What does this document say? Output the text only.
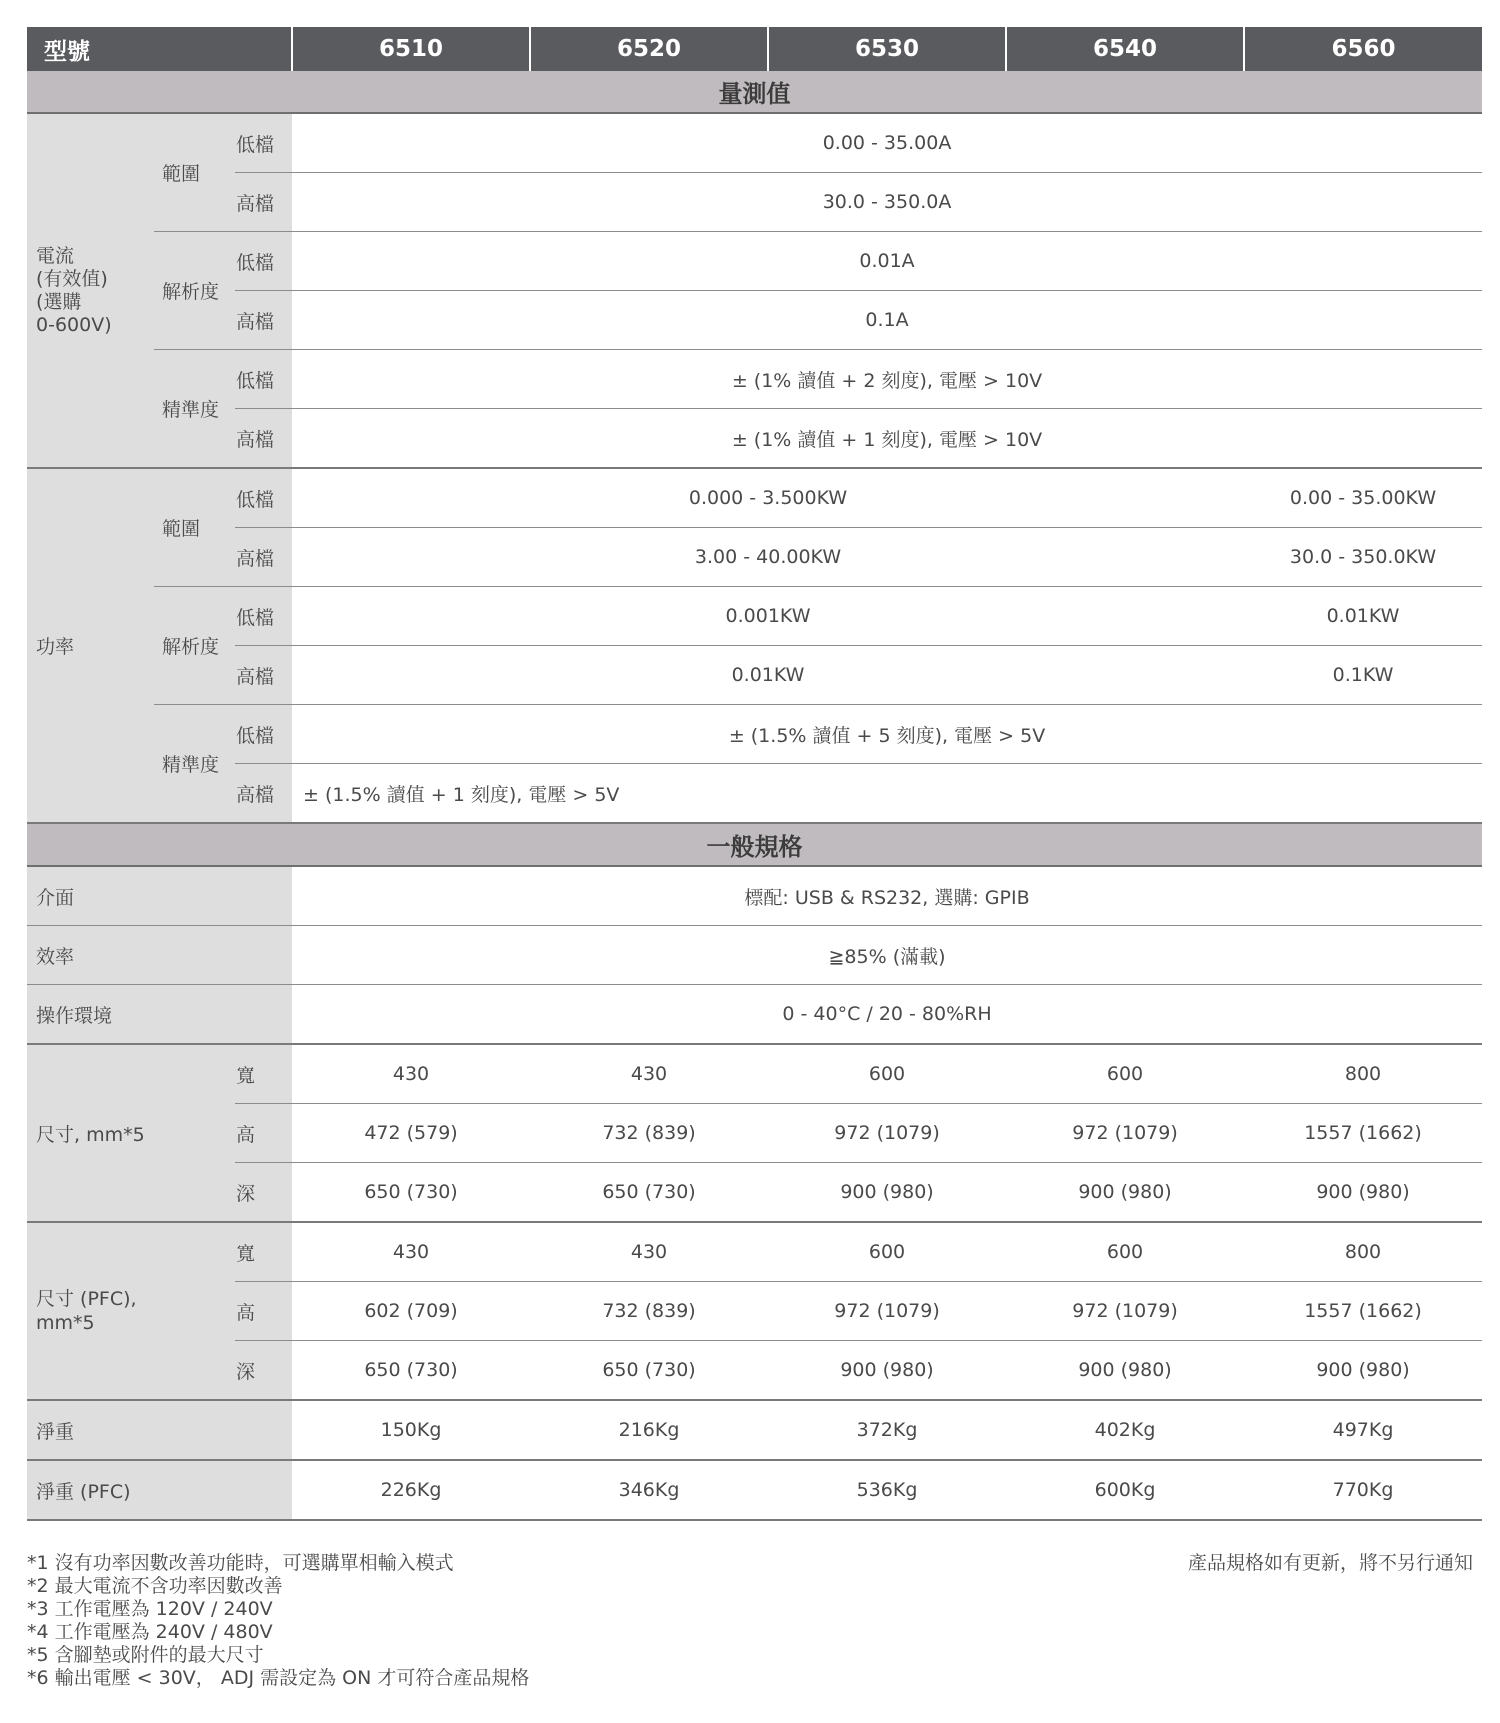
型號			6510	6520	6530	6540	6560
量測值							
電流
(有效值)
(選購
0-600V)	範圍	低檔	0.00 - 35.00A				
		高檔	30.0 - 350.0A				
	解析度	低檔	0.01A				
		高檔	0.1A				
	精準度	低檔	± (1% 讀值 + 2 刻度), 電壓 > 10V				
		高檔	± (1% 讀值 + 1 刻度), 電壓 > 10V				
功率	範圍	低檔	0.000 - 3.500KW				0.00 - 35.00KW
		高檔	3.00 - 40.00KW				30.0 - 350.0KW
	解析度	低檔	0.001KW				0.01KW
		高檔	0.01KW				0.1KW
	精準度	低檔	± (1.5% 讀值 + 5 刻度), 電壓 > 5V				
		高檔	± (1.5% 讀值 + 1 刻度), 電壓 > 5V				
一般規格							
介面			標配: USB & RS232, 選購: GPIB				
效率			≧85% (滿載)				
操作環境			0 - 40°C / 20 - 80%RH				
尺寸, mm*5		寬	430	430	600	600	800
		高	472 (579)	732 (839)	972 (1079)	972 (1079)	1557 (1662)
		深	650 (730)	650 (730)	900 (980)	900 (980)	900 (980)
尺寸 (PFC),
mm*5		寬	430	430	600	600	800
		高	602 (709)	732 (839)	972 (1079)	972 (1079)	1557 (1662)
		深	650 (730)	650 (730)	900 (980)	900 (980)	900 (980)
淨重			150Kg	216Kg	372Kg	402Kg	497Kg
淨重 (PFC)			226Kg	346Kg	536Kg	600Kg	770Kg
*1 沒有功率因數改善功能時，可選購單相輸入模式
*2 最大電流不含功率因數改善
*3 工作電壓為 120V / 240V
*4 工作電壓為 240V / 480V
*5 含腳墊或附件的最大尺寸
*6 輸出電壓 < 30V， ADJ 需設定為 ON 才可符合產品規格
產品規格如有更新，將不另行通知
